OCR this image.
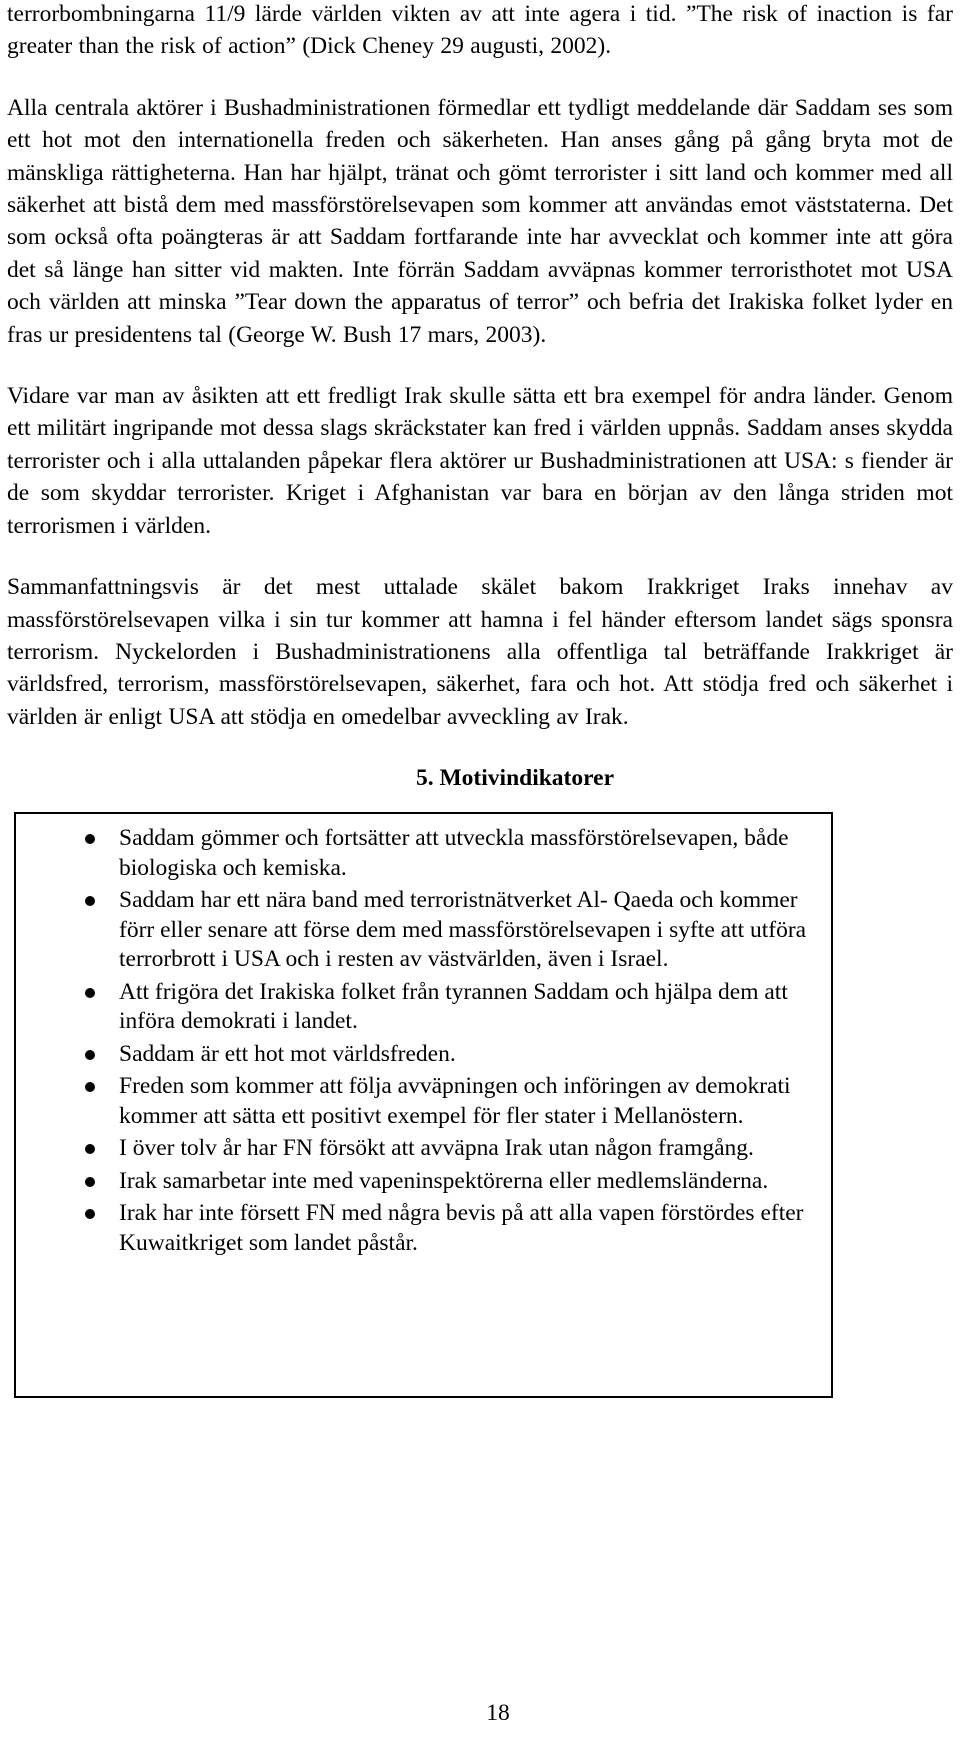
terrorbombningarna 11/9 lärde världen vikten av att inte agera i tid. ”The risk of inaction is far greater than the risk of action” (Dick Cheney 29 augusti, 2002).

Alla centrala aktörer i Bushadministrationen förmedlar ett tydligt meddelande där Saddam ses som ett hot mot den internationella freden och säkerheten. Han anses gång på gång bryta mot de mänskliga rättigheterna. Han har hjälpt, tränat och gömt terrorister i sitt land och kommer med all säkerhet att bistå dem med massförstörelsevapen som kommer att användas emot väststaterna. Det som också ofta poängteras är att Saddam fortfarande inte har avvecklat och kommer inte att göra det så länge han sitter vid makten. Inte förrän Saddam avväpnas kommer terroristhotet mot USA och världen att minska ”Tear down the apparatus of terror” och befria det Irakiska folket lyder en fras ur presidentens tal (George W. Bush 17 mars, 2003).

Vidare var man av åsikten att ett fredligt Irak skulle sätta ett bra exempel för andra länder. Genom ett militärt ingripande mot dessa slags skräckstater kan fred i världen uppnås. Saddam anses skydda terrorister och i alla uttalanden påpekar flera aktörer ur Bushadministrationen att USA: s fiender är de som skyddar terrorister. Kriget i Afghanistan var bara en början av den långa striden mot terrorismen i världen.

Sammanfattningsvis är det mest uttalade skälet bakom Irakkriget Iraks innehav av massförstörelsevapen vilka i sin tur kommer att hamna i fel händer eftersom landet sägs sponsra terrorism. Nyckelorden i Bushadministrationens alla offentliga tal beträffande Irakkriget är världsfred, terrorism, massförstörelsevapen, säkerhet, fara och hot. Att stödja fred och säkerhet i världen är enligt USA att stödja en omedelbar avveckling av Irak.

5. Motivindikatorer
Saddam gömmer och fortsätter att utveckla massförstörelsevapen, både biologiska och kemiska.
Saddam har ett nära band med terroristnätverket Al- Qaeda och kommer förr eller senare att förse dem med massförstörelsevapen i syfte att utföra terrorbrott i USA och i resten av västvärlden, även i Israel.
Att frigöra det Irakiska folket från tyrannen Saddam och hjälpa dem att införa demokrati i landet.
Saddam är ett hot mot världsfreden.
Freden som kommer att följa avväpningen och införingen av demokrati kommer att sätta ett positivt exempel för fler stater i Mellanöstern.
I över tolv år har FN försökt att avväpna Irak utan någon framgång.
Irak samarbetar inte med vapeninspektörerna eller medlemsländerna.
Irak har inte försett FN med några bevis på att alla vapen förstördes efter Kuwaitkriget som landet påstår.
18
